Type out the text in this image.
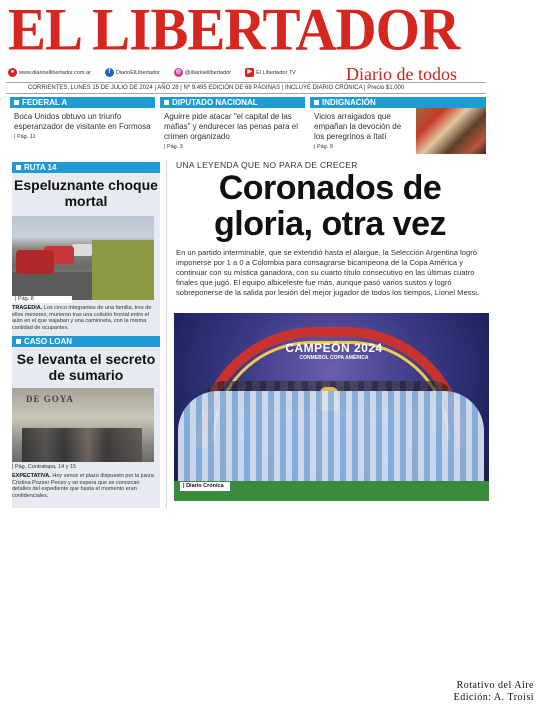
EL LIBERTADOR
● www.diarioellibertador.com.ar	f	DiarioElLibertador	◎ @diarioellibertador	▶ El Libertador TV	Diario de todos
CORRIENTES, LUNES 15 DE JULIO DE 2024 | AÑO 28 | Nº 9.495 EDICIÓN DE 68 PÁGINAS | INCLUYE DIARIO CRÓNICA | Precio $1.000
FEDERAL A
Boca Unidos obtuvo un triunfo esperanzador de visitante en Formosa
| Pág. 11
DIPUTADO NACIONAL
Aguirre pide atacar "el capital de las mafias" y endurecer las penas para el crimen organizado
| Pág. 3
INDIGNACIÓN
Vicios arraigados que empañan la devoción de los peregrinos a Itatí
| Pág. 9
RUTA 14
Espeluznante choque mortal
| Pág. 8
TRAGEDIA. Los cinco integrantes de una familia, tres de ellos menores, murieron tras una colisión frontal entre el auto en el que viajaban y una camioneta, con la misma cantidad de ocupantes.
CASO LOAN
Se levanta el secreto de sumario
DE GOYA
| Pág. Contratapa, 14 y 15
EXPECTATIVA. Hoy vence el plazo dispuesto por la jueza Cristina Pozzer Penzo y se espera que se conozcan detalles del expediente que hasta el momento eran confidenciales.
UNA LEYENDA QUE NO PARA DE CRECER
Coronados de gloria, otra vez
En un partido interminable, que se extendió hasta el alargue, la Selección Argentina logró imponerse por 1 a 0 a Colombia para consagrarse bicampeona de la Copa América y continuar con su mística ganadora, con su cuarto título consecutivo en las últimas cuatro finales que jugó. El equipo albiceleste fue más, aunque pasó varios sustos y logró sobreponerse de la salida por lesión del mejor jugador de todos los tiempos, Lionel Messi.
CAMPEÓN 2024
CONMEBOL COPA AMÉRICA
| Diario Crónica
Rotativo del Aire
Edición: A. Troisi
